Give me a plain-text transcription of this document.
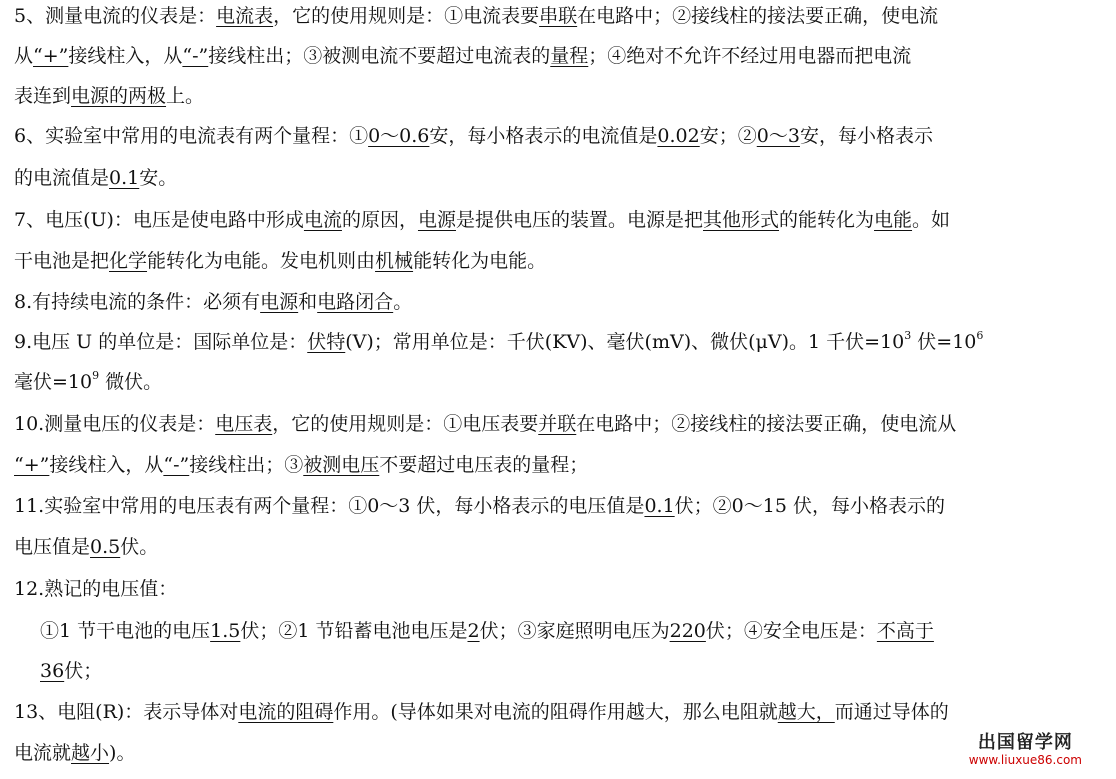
5、测量电流的仪表是：电流表，它的使用规则是：①电流表要串联在电路中；②接线柱的接法要正确，使电流
从“+”接线柱入，从“-”接线柱出；③被测电流不要超过电流表的量程；④绝对不允许不经过用电器而把电流
表连到电源的两极上。
6、实验室中常用的电流表有两个量程：①0～0.6安，每小格表示的电流值是0.02安；②0～3安，每小格表示
的电流值是0.1安。
7、电压(U)：电压是使电路中形成电流的原因，电源是提供电压的装置。电源是把其他形式的能转化为电能。如
干电池是把化学能转化为电能。发电机则由机械能转化为电能。
8.有持续电流的条件：必须有电源和电路闭合。
9.电压 U 的单位是：国际单位是：伏特(V)；常用单位是：千伏(KV)、毫伏(mV)、微伏(μV)。1 千伏$=10^3$ 伏$=10^6$
毫伏$=10^9$ 微伏。
10.测量电压的仪表是：电压表，它的使用规则是：①电压表要并联在电路中；②接线柱的接法要正确，使电流从
“+”接线柱入，从“-”接线柱出；③被测电压不要超过电压表的量程；
11.实验室中常用的电压表有两个量程：①0～3 伏，每小格表示的电压值是0.1伏；②0～15 伏，每小格表示的
电压值是0.5伏。
12.熟记的电压值：
①1 节干电池的电压1.5伏；②1 节铅蓄电池电压是2伏；③家庭照明电压为220伏；④安全电压是：不高于
36伏；
13、电阻(R)：表示导体对电流的阻碍作用。(导体如果对电流的阻碍作用越大，那么电阻就越大，而通过导体的
电流就越小)。	出国留学网
www.liuxue86.com
